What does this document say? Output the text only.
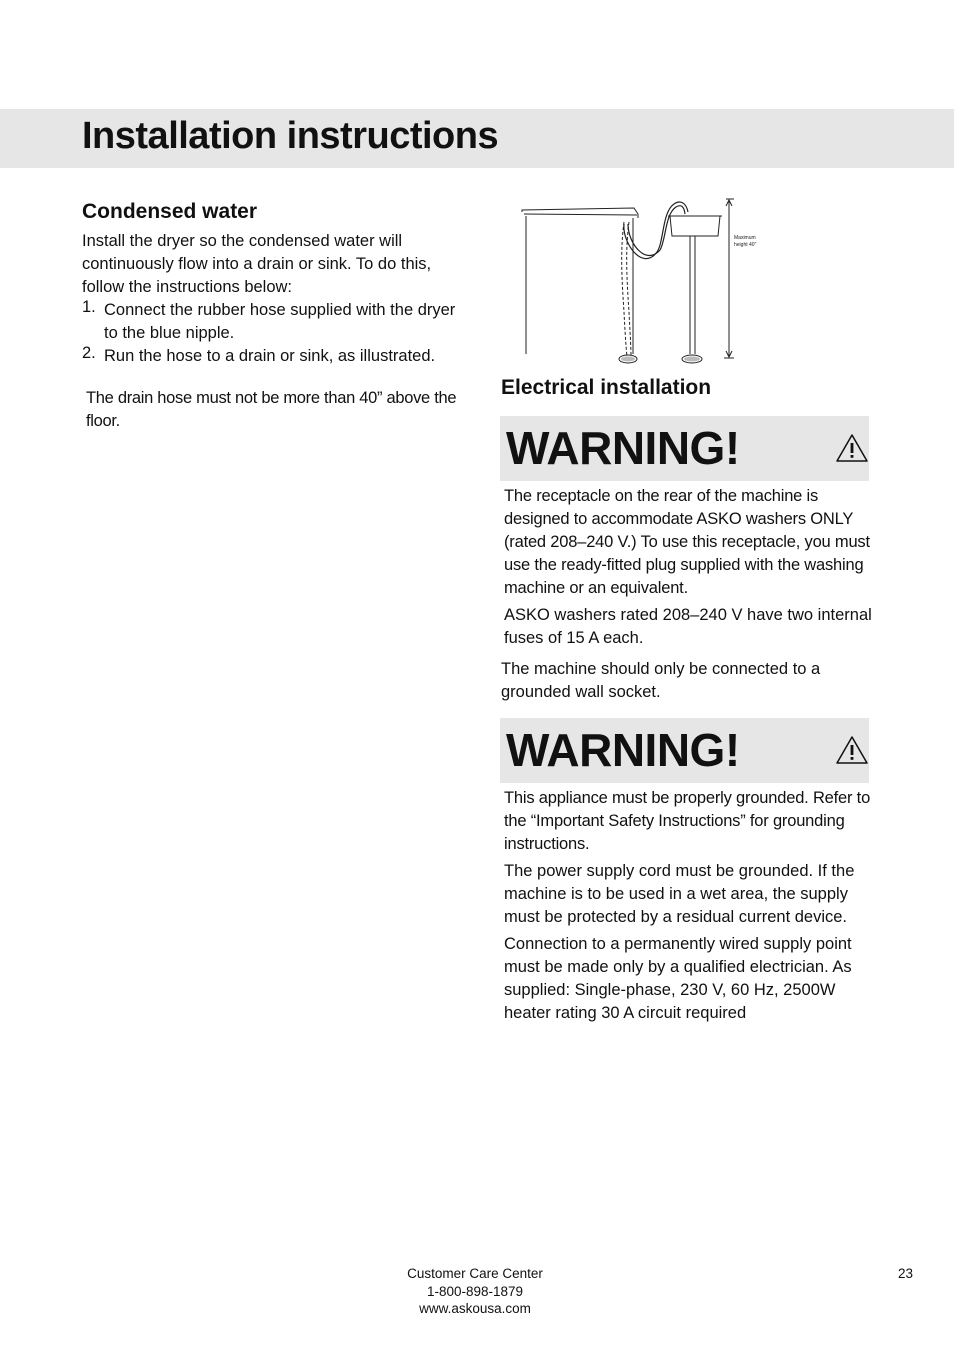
Installation instructions
Condensed water

Install the dryer so the condensed water will continuously flow into a drain or sink. To do this, follow the instructions below:

1. Connect the rubber hose supplied with the dryer to the blue nipple.
2. Run the hose to a drain or sink, as illustrated.

The drain hose must not be more than 40” above the floor.

Maximum
height 40"
Electrical installation
WARNING!

The receptacle on the rear of the machine is designed to accommodate ASKO washers ONLY (rated 208–240 V.) To use this receptacle, you must use the ready-fitted plug supplied with the washing machine or an equivalent.

ASKO washers rated 208–240 V have two internal fuses of 15 A each.

The machine should only be connected to a grounded wall socket.

WARNING!

This appliance must be properly grounded. Refer to the “Important Safety Instructions” for grounding instructions.

The power supply cord must be grounded. If the machine is to be used in a wet area, the supply must be protected by a residual current device.

Connection to a permanently wired supply point must be made only by a qualified electrician. As supplied: Single-phase, 230 V, 60 Hz, 2500W heater rating 30 A circuit required

Customer Care Center
1-800-898-1879
www.askousa.com
23
